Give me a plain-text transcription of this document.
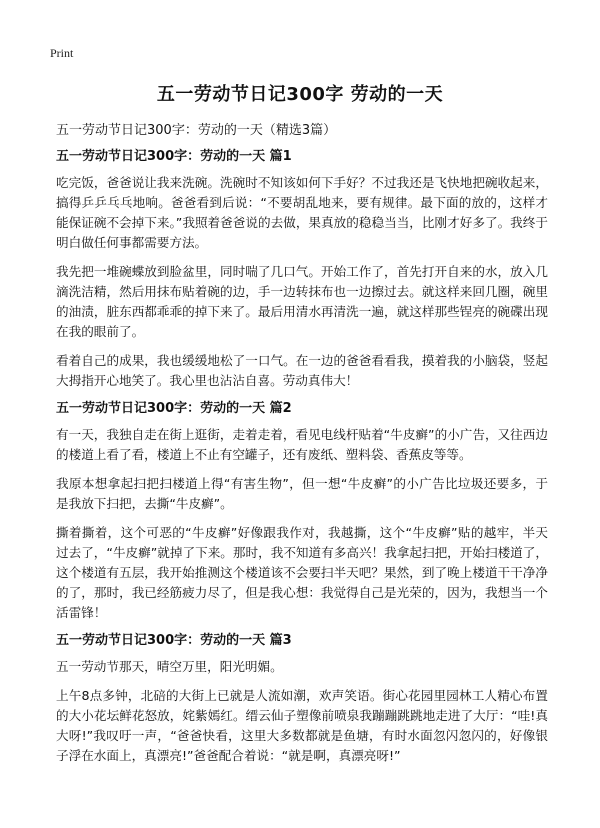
Print
五一劳动节日记300字 劳动的一天

五一劳动节日记300字：劳动的一天（精选3篇）

五一劳动节日记300字：劳动的一天 篇1

吃完饭，爸爸说让我来洗碗。洗碗时不知该如何下手好？不过我还是飞快地把碗收起来，搞得乒乒乓乓地响。爸爸看到后说：“不要胡乱地来，要有规律。最下面的放的，这样才能保证碗不会掉下来。”我照着爸爸说的去做，果真放的稳稳当当，比刚才好多了。我终于明白做任何事都需要方法。

我先把一堆碗蝶放到脸盆里，同时喘了几口气。开始工作了，首先打开自来的水，放入几滴洗洁精，然后用抹布贴着碗的边，手一边转抹布也一边擦过去。就这样来回几圈，碗里的油渍，脏东西都乖乖的掉下来了。最后用清水再清洗一遍，就这样那些锃亮的碗碟出现在我的眼前了。

看着自己的成果，我也缓缓地松了一口气。在一边的爸爸看看我，摸着我的小脑袋，竖起大拇指开心地笑了。我心里也沾沾自喜。劳动真伟大！

五一劳动节日记300字：劳动的一天 篇2

有一天，我独自走在街上逛街，走着走着，看见电线杆贴着“牛皮癣”的小广告，又往西边的楼道上看了看，楼道上不止有空罐子，还有废纸、塑料袋、香蕉皮等等。

我原本想拿起扫把扫楼道上得“有害生物”，但一想“牛皮癣”的小广告比垃圾还要多，于是我放下扫把，去撕“牛皮癣”。

撕着撕着，这个可恶的“牛皮癣”好像跟我作对，我越撕，这个“牛皮癣”贴的越牢，半天过去了，“牛皮癣”就掉了下来。那时，我不知道有多高兴！我拿起扫把，开始扫楼道了，这个楼道有五层，我开始推测这个楼道该不会要扫半天吧？果然，到了晚上楼道干干净净的了，那时，我已经筋疲力尽了，但是我心想：我觉得自己是光荣的，因为，我想当一个活雷锋！

五一劳动节日记300字：劳动的一天 篇3

五一劳动节那天，晴空万里，阳光明媚。

上午8点多钟，北碚的大街上已就是人流如潮，欢声笑语。街心花园里园林工人精心布置的大小花坛鲜花怒放，姹紫嫣红。缙云仙子塑像前喷泉我蹦蹦跳跳地走进了大厅：“哇!真大呀!”我叹吁一声，“爸爸快看，这里大多数都就是鱼塘，有时水面忽闪忽闪的，好像银子浮在水面上，真漂亮!”爸爸配合着说：“就是啊，真漂亮呀!”
